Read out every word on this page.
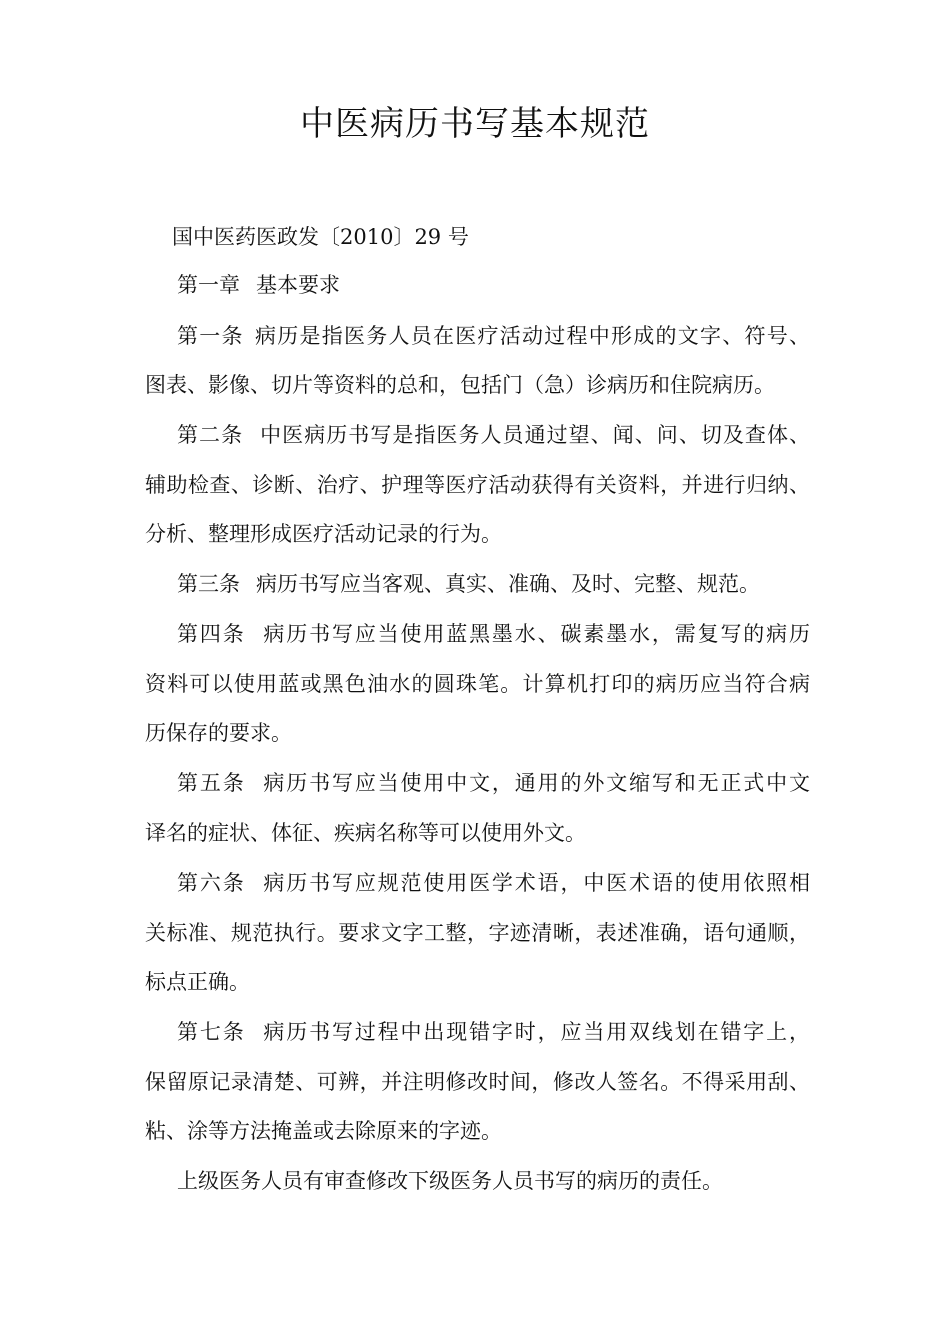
中医病历书写基本规范
国中医药医政发〔2010〕29 号
第一章 基本要求
第一条 病历是指医务人员在医疗活动过程中形成的文字、符号、
图表、影像、切片等资料的总和，包括门（急）诊病历和住院病历。
第二条 中医病历书写是指医务人员通过望、闻、问、切及查体、
辅助检查、诊断、治疗、护理等医疗活动获得有关资料，并进行归纳、
分析、整理形成医疗活动记录的行为。
第三条 病历书写应当客观、真实、准确、及时、完整、规范。
第四条 病历书写应当使用蓝黑墨水、碳素墨水，需复写的病历
资料可以使用蓝或黑色油水的圆珠笔。计算机打印的病历应当符合病
历保存的要求。
第五条 病历书写应当使用中文，通用的外文缩写和无正式中文
译名的症状、体征、疾病名称等可以使用外文。
第六条 病历书写应规范使用医学术语，中医术语的使用依照相
关标准、规范执行。要求文字工整，字迹清晰，表述准确，语句通顺，
标点正确。
第七条 病历书写过程中出现错字时，应当用双线划在错字上，
保留原记录清楚、可辨，并注明修改时间，修改人签名。不得采用刮、
粘、涂等方法掩盖或去除原来的字迹。
上级医务人员有审查修改下级医务人员书写的病历的责任。
